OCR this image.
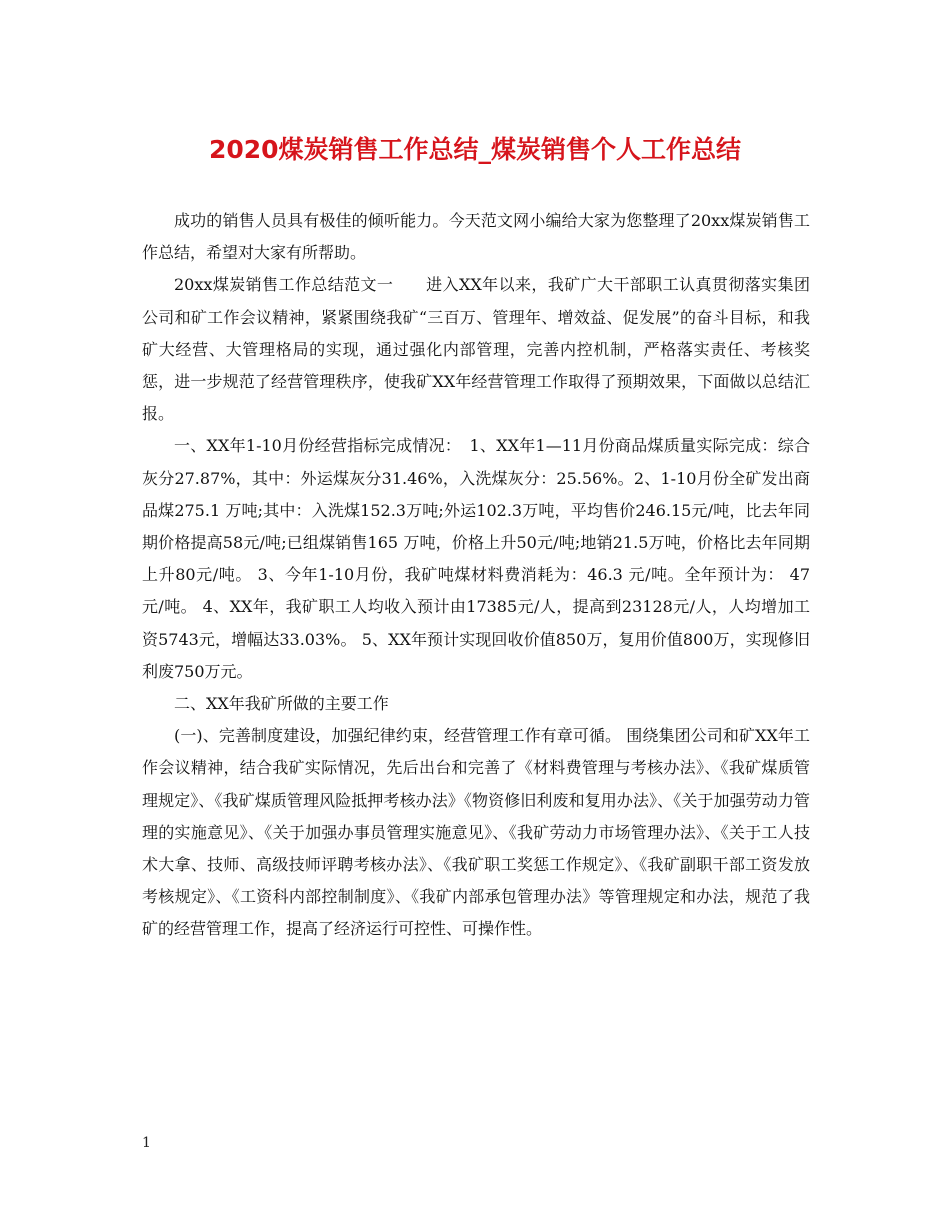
2020煤炭销售工作总结_煤炭销售个人工作总结

成功的销售人员具有极佳的倾听能力。今天范文网小编给大家为您整理了20xx煤炭销售工作总结，希望对大家有所帮助。

20xx煤炭销售工作总结范文一　　进入XX年以来，我矿广大干部职工认真贯彻落实集团公司和矿工作会议精神，紧紧围绕我矿“三百万、管理年、增效益、促发展”的奋斗目标，和我矿大经营、大管理格局的实现，通过强化内部管理，完善内控机制，严格落实责任、考核奖惩，进一步规范了经营管理秩序，使我矿XX年经营管理工作取得了预期效果，下面做以总结汇报。

一、XX年1-10月份经营指标完成情况：　1、XX年1—11月份商品煤质量实际完成：综合灰分27.87%，其中：外运煤灰分31.46%，入洗煤灰分：25.56%。2、1-10月份全矿发出商品煤275.1 万吨;其中：入洗煤152.3万吨;外运102.3万吨，平均售价246.15元/吨，比去年同期价格提高58元/吨;已组煤销售165 万吨，价格上升50元/吨;地销21.5万吨，价格比去年同期上升80元/吨。 3、今年1-10月份，我矿吨煤材料费消耗为：46.3 元/吨。全年预计为： 47 元/吨。 4、XX年，我矿职工人均收入预计由17385元/人，提高到23128元/人，人均增加工资5743元，增幅达33.03%。 5、XX年预计实现回收价值850万，复用价值800万，实现修旧利废750万元。

二、XX年我矿所做的主要工作

(一)、完善制度建设，加强纪律约束，经营管理工作有章可循。 围绕集团公司和矿XX年工作会议精神，结合我矿实际情况，先后出台和完善了《材料费管理与考核办法》、《我矿煤质管理规定》、《我矿煤质管理风险抵押考核办法》《物资修旧利废和复用办法》、《关于加强劳动力管理的实施意见》、《关于加强办事员管理实施意见》、《我矿劳动力市场管理办法》、《关于工人技术大拿、技师、高级技师评聘考核办法》、《我矿职工奖惩工作规定》、《我矿副职干部工资发放考核规定》、《工资科内部控制制度》、《我矿内部承包管理办法》等管理规定和办法，规范了我矿的经营管理工作，提高了经济运行可控性、可操作性。

1
